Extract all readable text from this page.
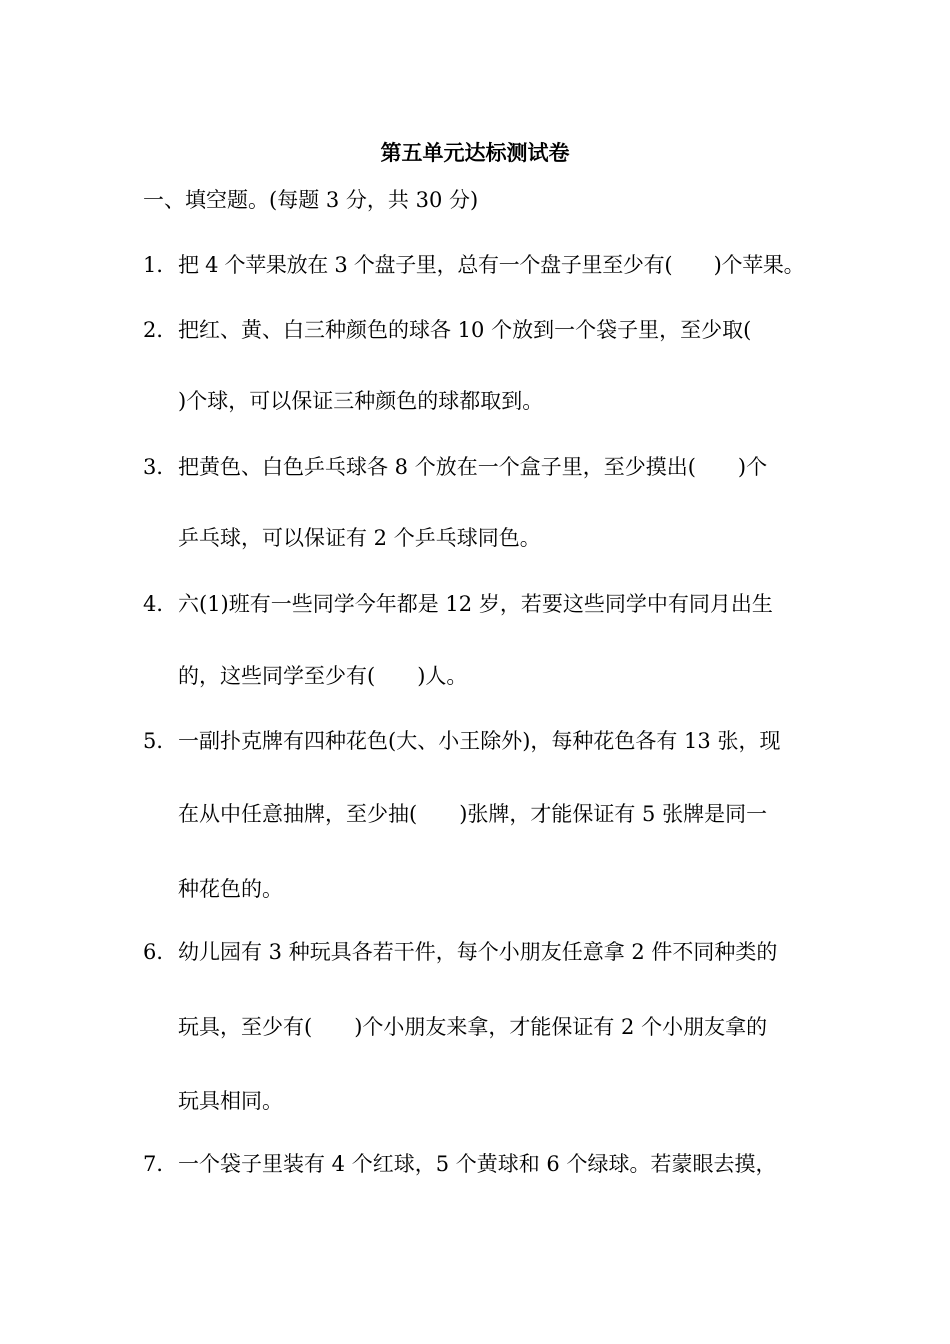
第五单元达标测试卷
一、填空题。(每题 3 分，共 30 分)
1． 把 4 个苹果放在 3 个盘子里，总有一个盘子里至少有(　　)个苹果。
2． 把红、黄、白三种颜色的球各 10 个放到一个袋子里，至少取(
)个球，可以保证三种颜色的球都取到。
3． 把黄色、白色乒乓球各 8 个放在一个盒子里，至少摸出(　　)个
乒乓球，可以保证有 2 个乒乓球同色。
4． 六(1)班有一些同学今年都是 12 岁，若要这些同学中有同月出生
的，这些同学至少有(　　)人。
5． 一副扑克牌有四种花色(大、小王除外)，每种花色各有 13 张，现
在从中任意抽牌，至少抽(　　)张牌，才能保证有 5 张牌是同一
种花色的。
6． 幼儿园有 3 种玩具各若干件，每个小朋友任意拿 2 件不同种类的
玩具，至少有(　　)个小朋友来拿，才能保证有 2 个小朋友拿的
玩具相同。
7． 一个袋子里装有 4 个红球，5 个黄球和 6 个绿球。若蒙眼去摸，
